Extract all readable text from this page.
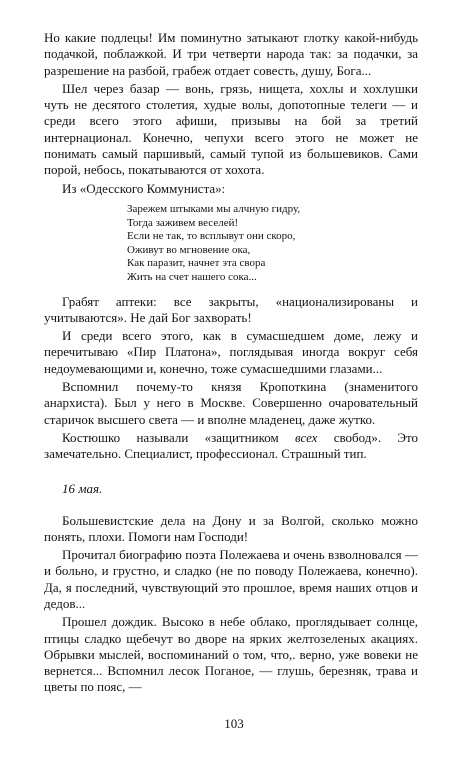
Но какие подлецы! Им поминутно затыкают глотку какой-нибудь подачкой, поблажкой. И три четверти народа так: за подачки, за разрешение на разбой, грабеж отдает совесть, душу, Бога...

Шел через базар — вонь, грязь, нищета, хохлы и хохлушки чуть не десятого столетия, худые волы, допотопные телеги — и среди всего этого афиши, призывы на бой за третий интернационал. Конечно, чепухи всего этого не может не понимать самый паршивый, самый тупой из большевиков. Сами порой, небось, покатываются от хохота.

Из «Одесского Коммуниста»:

Зарежем штыками мы алчную гидру,
Тогда заживем веселей!
Если не так, то всплывут они скоро,
Оживут во мгновение ока,
Как паразит, начнет эта свора
Жить на счет нашего сока...

Грабят аптеки: все закрыты, «национализированы и учитываются». Не дай Бог захворать!

И среди всего этого, как в сумасшедшем доме, лежу и перечитываю «Пир Платона», поглядывая иногда вокруг себя недоумевающими и, конечно, тоже сумасшедшими глазами...

Вспомнил почему-то князя Кропоткина (знаменитого анархиста). Был у него в Москве. Совершенно очаровательный старичок высшего света — и вполне младенец, даже жутко.

Костюшко называли «защитником всех свобод». Это замечательно. Специалист, профессионал. Страшный тип.

16 мая.

Большевистские дела на Дону и за Волгой, сколько можно понять, плохи. Помоги нам Господи!

Прочитал биографию поэта Полежаева и очень взволновался — и больно, и грустно, и сладко (не по поводу Полежаева, конечно). Да, я последний, чувствующий это прошлое, время наших отцов и дедов...

Прошел дождик. Высоко в небе облако, проглядывает солнце, птицы сладко щебечут во дворе на ярких желтозеленых акациях. Обрывки мыслей, воспоминаний о том, что,. верно, уже вовеки не вернется... Вспомнил лесок Поганое, — глушь, березняк, трава и цветы по пояс, —

103
